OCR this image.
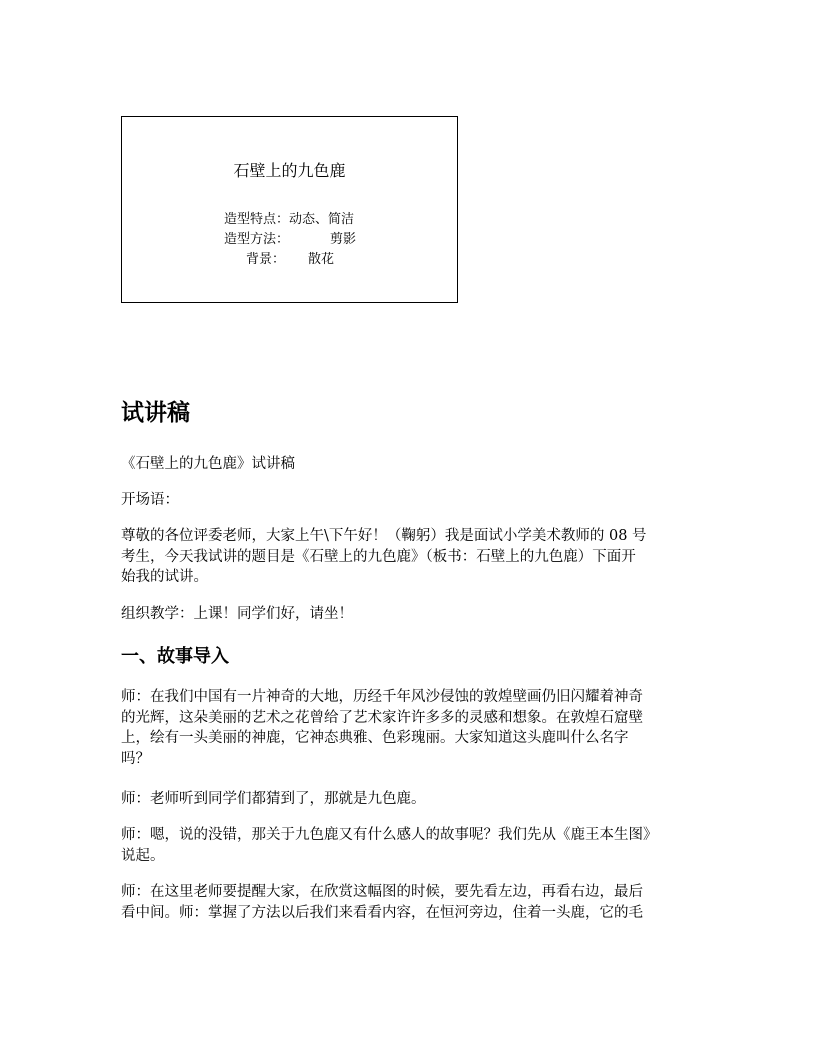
石壁上的九色鹿
造型特点：动态、简洁
造型方法：	剪影
背景： 散花
试讲稿

《石壁上的九色鹿》试讲稿

开场语：

尊敬的各位评委老师，大家上午\下午好！（鞠躬）我是面试小学美术教师的 08 号
考生，今天我试讲的题目是《石壁上的九色鹿》（板书：石壁上的九色鹿）下面开
始我的试讲。

组织教学：上课！同学们好，请坐！

一、故事导入

师：在我们中国有一片神奇的大地，历经千年风沙侵蚀的敦煌壁画仍旧闪耀着神奇
的光辉，这朵美丽的艺术之花曾给了艺术家许许多多的灵感和想象。在敦煌石窟壁
上，绘有一头美丽的神鹿，它神态典雅、色彩瑰丽。大家知道这头鹿叫什么名字
吗？

师：老师听到同学们都猜到了，那就是九色鹿。

师：嗯，说的没错，那关于九色鹿又有什么感人的故事呢？我们先从《鹿王本生图》
说起。

师：在这里老师要提醒大家，在欣赏这幅图的时候，要先看左边，再看右边，最后
看中间。师：掌握了方法以后我们来看看内容，在恒河旁边，住着一头鹿，它的毛
